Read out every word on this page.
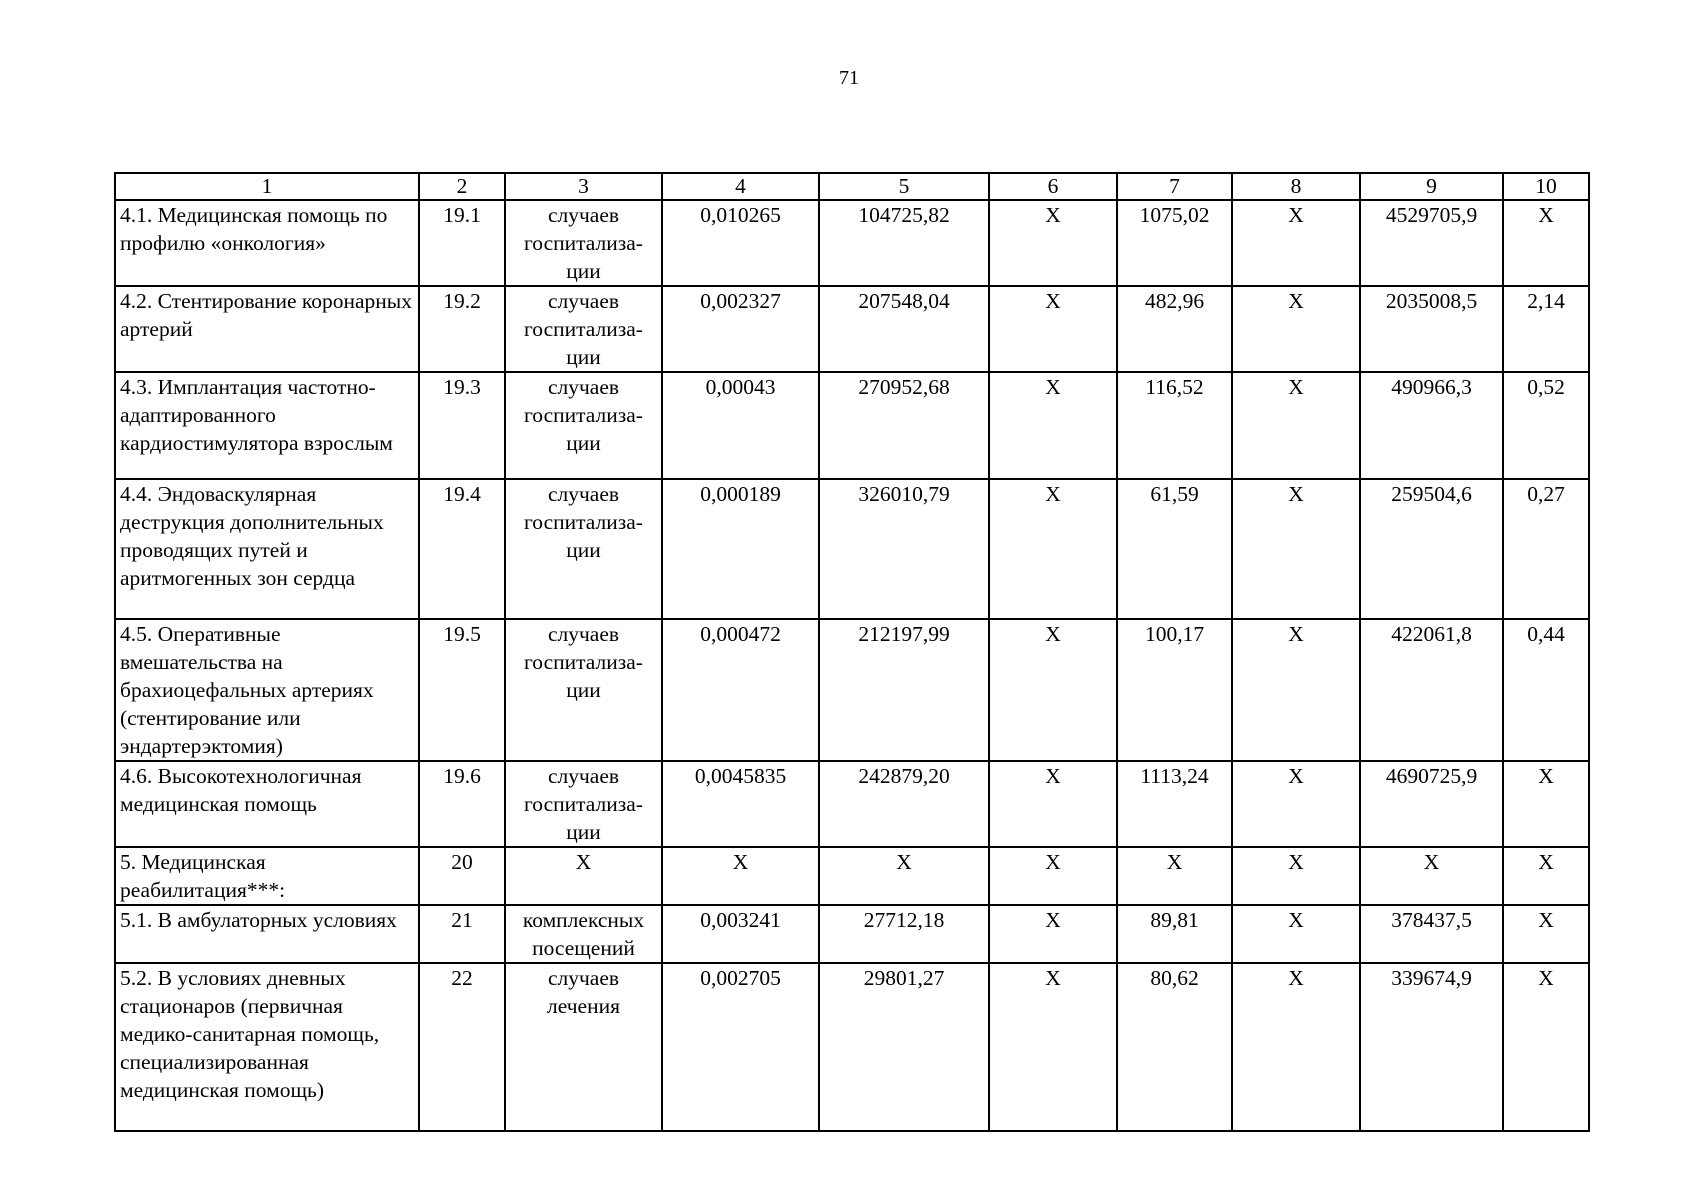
71
1	2	3	4	5	6	7	8	9	10
4.1. Медицинская помощь по профилю «онкология»	19.1	случаев госпитализа- ции	0,010265	104725,82	X	1075,02	X	4529705,9	X
4.2. Стентирование коронарных артерий	19.2	случаев госпитализа- ции	0,002327	207548,04	X	482,96	X	2035008,5	2,14
4.3. Имплантация частотно- адаптированного кардиостимулятора взрослым	19.3	случаев госпитализа- ции	0,00043	270952,68	X	116,52	X	490966,3	0,52
4.4. Эндоваскулярная деструкция дополнительных проводящих путей и аритмогенных зон сердца	19.4	случаев госпитализа- ции	0,000189	326010,79	X	61,59	X	259504,6	0,27
4.5. Оперативные вмешательства на брахиоцефальных артериях (стентирование или эндартерэктомия)	19.5	случаев госпитализа- ции	0,000472	212197,99	X	100,17	X	422061,8	0,44
4.6. Высокотехнологичная медицинская помощь	19.6	случаев госпитализа- ции	0,0045835	242879,20	X	1113,24	X	4690725,9	X
5. Медицинская реабилитация***:	20	X	X	X	X	X	X	X	X
5.1. В амбулаторных условиях	21	комплексных посещений	0,003241	27712,18	X	89,81	X	378437,5	X
5.2. В условиях дневных стационаров (первичная медико-санитарная помощь, специализированная медицинская помощь)	22	случаев лечения	0,002705	29801,27	X	80,62	X	339674,9	X
